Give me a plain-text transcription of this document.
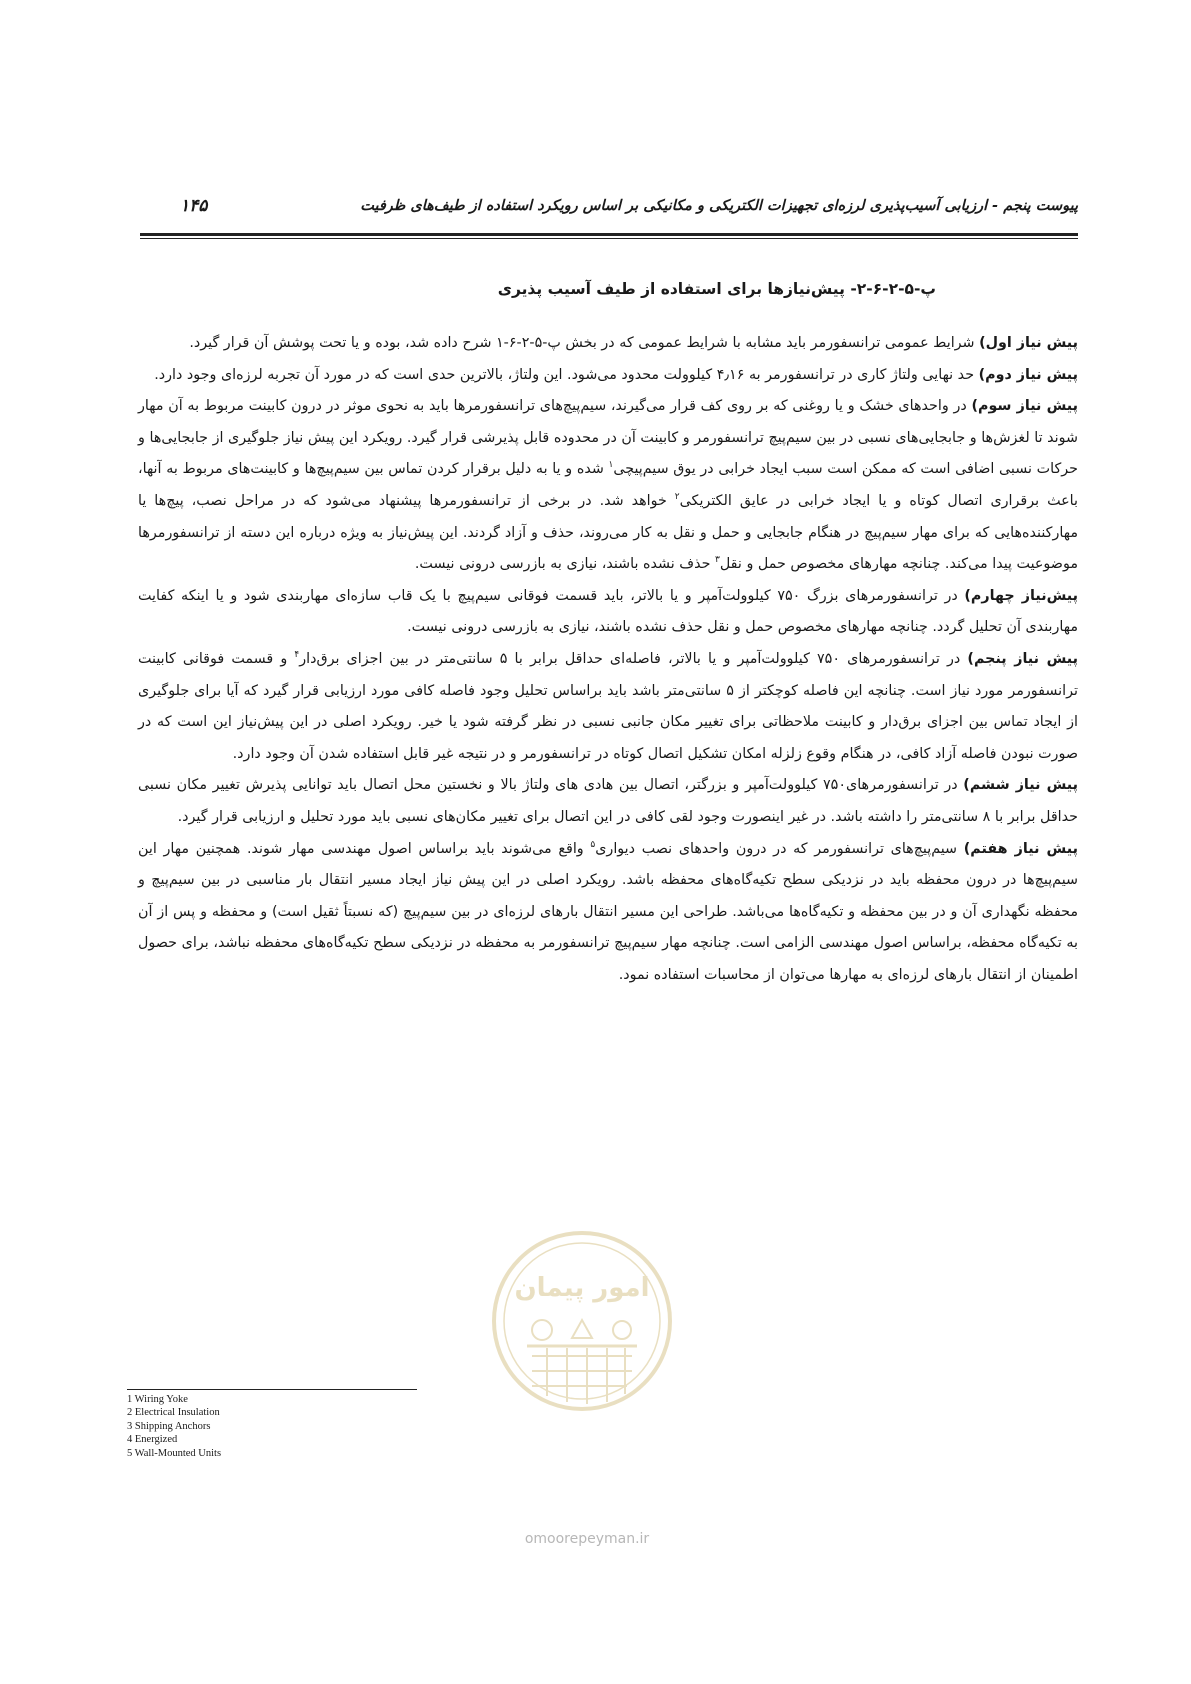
پیوست پنجم - ارزیابی آسیب‌پذیری لرزه‌ای تجهیزات الکتریکی و مکانیکی بر اساس رویکرد استفاده از طیف‌های ظرفیت
۱۴۵
پ-۵-۲-۶-۲- پیش‌نیازها برای استفاده از طیف آسیب پذیری

پیش نیاز اول) شرایط عمومی ترانسفورمر باید مشابه با شرایط عمومی که در بخش پ-۵-۲-۶-۱ شرح داده شد، بوده و یا تحت پوشش آن قرار گیرد.

پیش نیاز دوم) حد نهایی ولتاژ کاری در ترانسفورمر به ۴٫۱۶ کیلوولت محدود می‌شود. این ولتاژ، بالاترین حدی است که در مورد آن تجربه لرزه‌ای وجود دارد.

پیش نیاز سوم) در واحدهای خشک و یا روغنی که بر روی کف قرار می‌گیرند، سیم‌پیچ‌های ترانسفورمرها باید به نحوی موثر در درون کابینت مربوط به آن مهار شوند تا لغزش‌ها و جابجایی‌های نسبی در بین سیم‌پیچ ترانسفورمر و کابینت آن در محدوده قابل پذیرشی قرار گیرد. رویکرد این پیش نیاز جلوگیری از جابجایی‌ها و حرکات نسبی اضافی است که ممکن است سبب ایجاد خرابی در یوق سیم‌پیچی$^۱$ شده و یا به دلیل برقرار کردن تماس بین سیم‌پیچ‌ها و کابینت‌های مربوط به آنها، باعث برقراری اتصال کوتاه و یا ایجاد خرابی در عایق الکتریکی$^۲$ خواهد شد. در برخی از ترانسفورمرها پیشنهاد می‌شود که در مراحل نصب، پیچ‌ها یا مهارکننده‌هایی که برای مهار سیم‌پیچ در هنگام جابجایی و حمل و نقل به کار می‌روند، حذف و آزاد گردند. این پیش‌نیاز به ویژه درباره این دسته از ترانسفورمرها موضوعیت پیدا می‌کند. چنانچه مهارهای مخصوص حمل و نقل$^۳$ حذف نشده باشند، نیازی به بازرسی درونی نیست.

پیش‌نیاز چهارم) در ترانسفورمرهای بزرگ ۷۵۰ کیلوولت‌آمپر و یا بالاتر، باید قسمت فوقانی سیم‌پیچ با یک قاب سازه‌ای مهاربندی شود و یا اینکه کفایت مهاربندی آن تحلیل گردد. چنانچه مهارهای مخصوص حمل و نقل حذف نشده باشند، نیازی به بازرسی درونی نیست.

پیش نیاز پنجم) در ترانسفورمرهای ۷۵۰ کیلوولت‌آمپر و یا بالاتر، فاصله‌ای حداقل برابر با ۵ سانتی‌متر در بین اجزای برق‌دار$^۴$ و قسمت فوقانی کابینت ترانسفورمر مورد نیاز است. چنانچه این فاصله کوچکتر از ۵ سانتی‌متر باشد باید براساس تحلیل وجود فاصله کافی مورد ارزیابی قرار گیرد که آیا برای جلوگیری از ایجاد تماس بین اجزای برق‌دار و کابینت ملاحظاتی برای تغییر مکان جانبی نسبی در نظر گرفته شود یا خیر. رویکرد اصلی در این پیش‌نیاز این است که در صورت نبودن فاصله آزاد کافی، در هنگام وقوع زلزله امکان تشکیل اتصال کوتاه در ترانسفورمر و در نتیجه غیر قابل استفاده شدن آن وجود دارد.

پیش نیاز ششم) در ترانسفورمرهای۷۵۰ کیلوولت‌آمپر و بزرگتر، اتصال بین هادی های ولتاژ بالا و نخستین محل اتصال باید توانایی پذیرش تغییر مکان نسبی حداقل برابر با ۸ سانتی‌متر را داشته باشد. در غیر اینصورت وجود لقی کافی در این اتصال برای تغییر مکان‌های نسبی باید مورد تحلیل و ارزیابی قرار گیرد.

پیش نیاز هفتم) سیم‌پیچ‌های ترانسفورمر که در درون واحدهای نصب دیواری$^۵$ واقع می‌شوند باید براساس اصول مهندسی مهار شوند. همچنین مهار این سیم‌پیچ‌ها در درون محفظه باید در نزدیکی سطح تکیه‌گاه‌های محفظه باشد. رویکرد اصلی در این پیش نیاز ایجاد مسیر انتقال بار مناسبی در بین سیم‌پیچ و محفظه نگهداری آن و در بین محفظه و تکیه‌گاه‌ها می‌باشد. طراحی این مسیر انتقال بارهای لرزه‌ای در بین سیم‌پیچ (که نسبتاً ثقیل است) و محفظه و پس از آن به تکیه‌گاه محفظه، براساس اصول مهندسی الزامی است. چنانچه مهار سیم‌پیچ ترانسفورمر به محفظه در نزدیکی سطح تکیه‌گاه‌های محفظه نباشد، برای حصول اطمینان از انتقال بارهای لرزه‌ای به مهارها می‌توان از محاسبات استفاده نمود.

امور پیمان
omoorepeyman.ir
1 Wiring Yoke
2 Electrical Insulation
3 Shipping Anchors
4 Energized
5 Wall-Mounted Units
